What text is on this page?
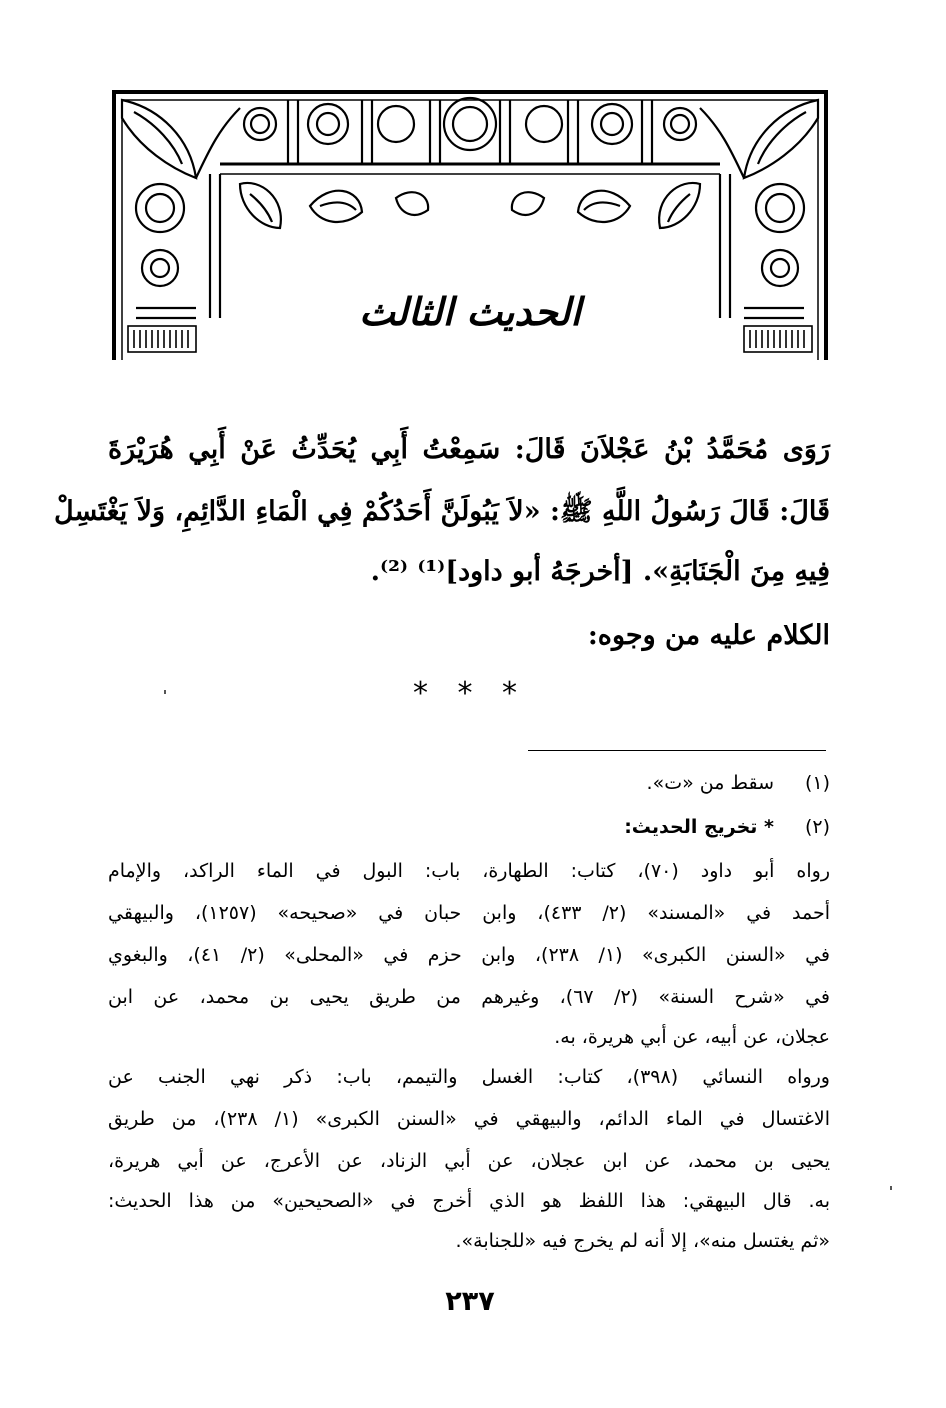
الحديث الثالث
رَوَى مُحَمَّدُ بْنُ عَجْلاَنَ قَالَ: سَمِعْتُ أَبِي يُحَدِّثُ عَنْ أَبِي هُرَيْرَةَ
قَالَ: قَالَ رَسُولُ اللَّهِ ﷺ: «لاَ يَبُولَنَّ أَحَدُكُمْ فِي الْمَاءِ الدَّائِمِ، وَلاَ يَغْتَسِلْ
فِيهِ مِنَ الْجَنَابَةِ». [أخرجَهُ أبو داود]⁽¹⁾ ⁽²⁾.
الكلام عليه من وجوه:
* * *
(١)
سقط من «ت».
(٢)
* تخريج الحديث:
رواه أبو داود (٧٠)، كتاب: الطهارة، باب: البول في الماء الراكد، والإمام
أحمد في «المسند» (٢/ ٤٣٣)، وابن حبان في «صحيحه» (١٢٥٧)، والبيهقي
في «السنن الكبرى» (١/ ٢٣٨)، وابن حزم في «المحلى» (٢/ ٤١)، والبغوي
في «شرح السنة» (٢/ ٦٧)، وغيرهم من طريق يحيى بن محمد، عن ابن
عجلان، عن أبيه، عن أبي هريرة، به.
ورواه النسائي (٣٩٨)، كتاب: الغسل والتيمم، باب: ذكر نهي الجنب عن
الاغتسال في الماء الدائم، والبيهقي في «السنن الكبرى» (١/ ٢٣٨)، من طريق
يحيى بن محمد، عن ابن عجلان، عن أبي الزناد، عن الأعرج، عن أبي هريرة،
به. قال البيهقي: هذا اللفظ هو الذي أخرج في «الصحيحين» من هذا الحديث:
«ثم يغتسل منه»، إلا أنه لم يخرج فيه «للجنابة».
٢٣٧
